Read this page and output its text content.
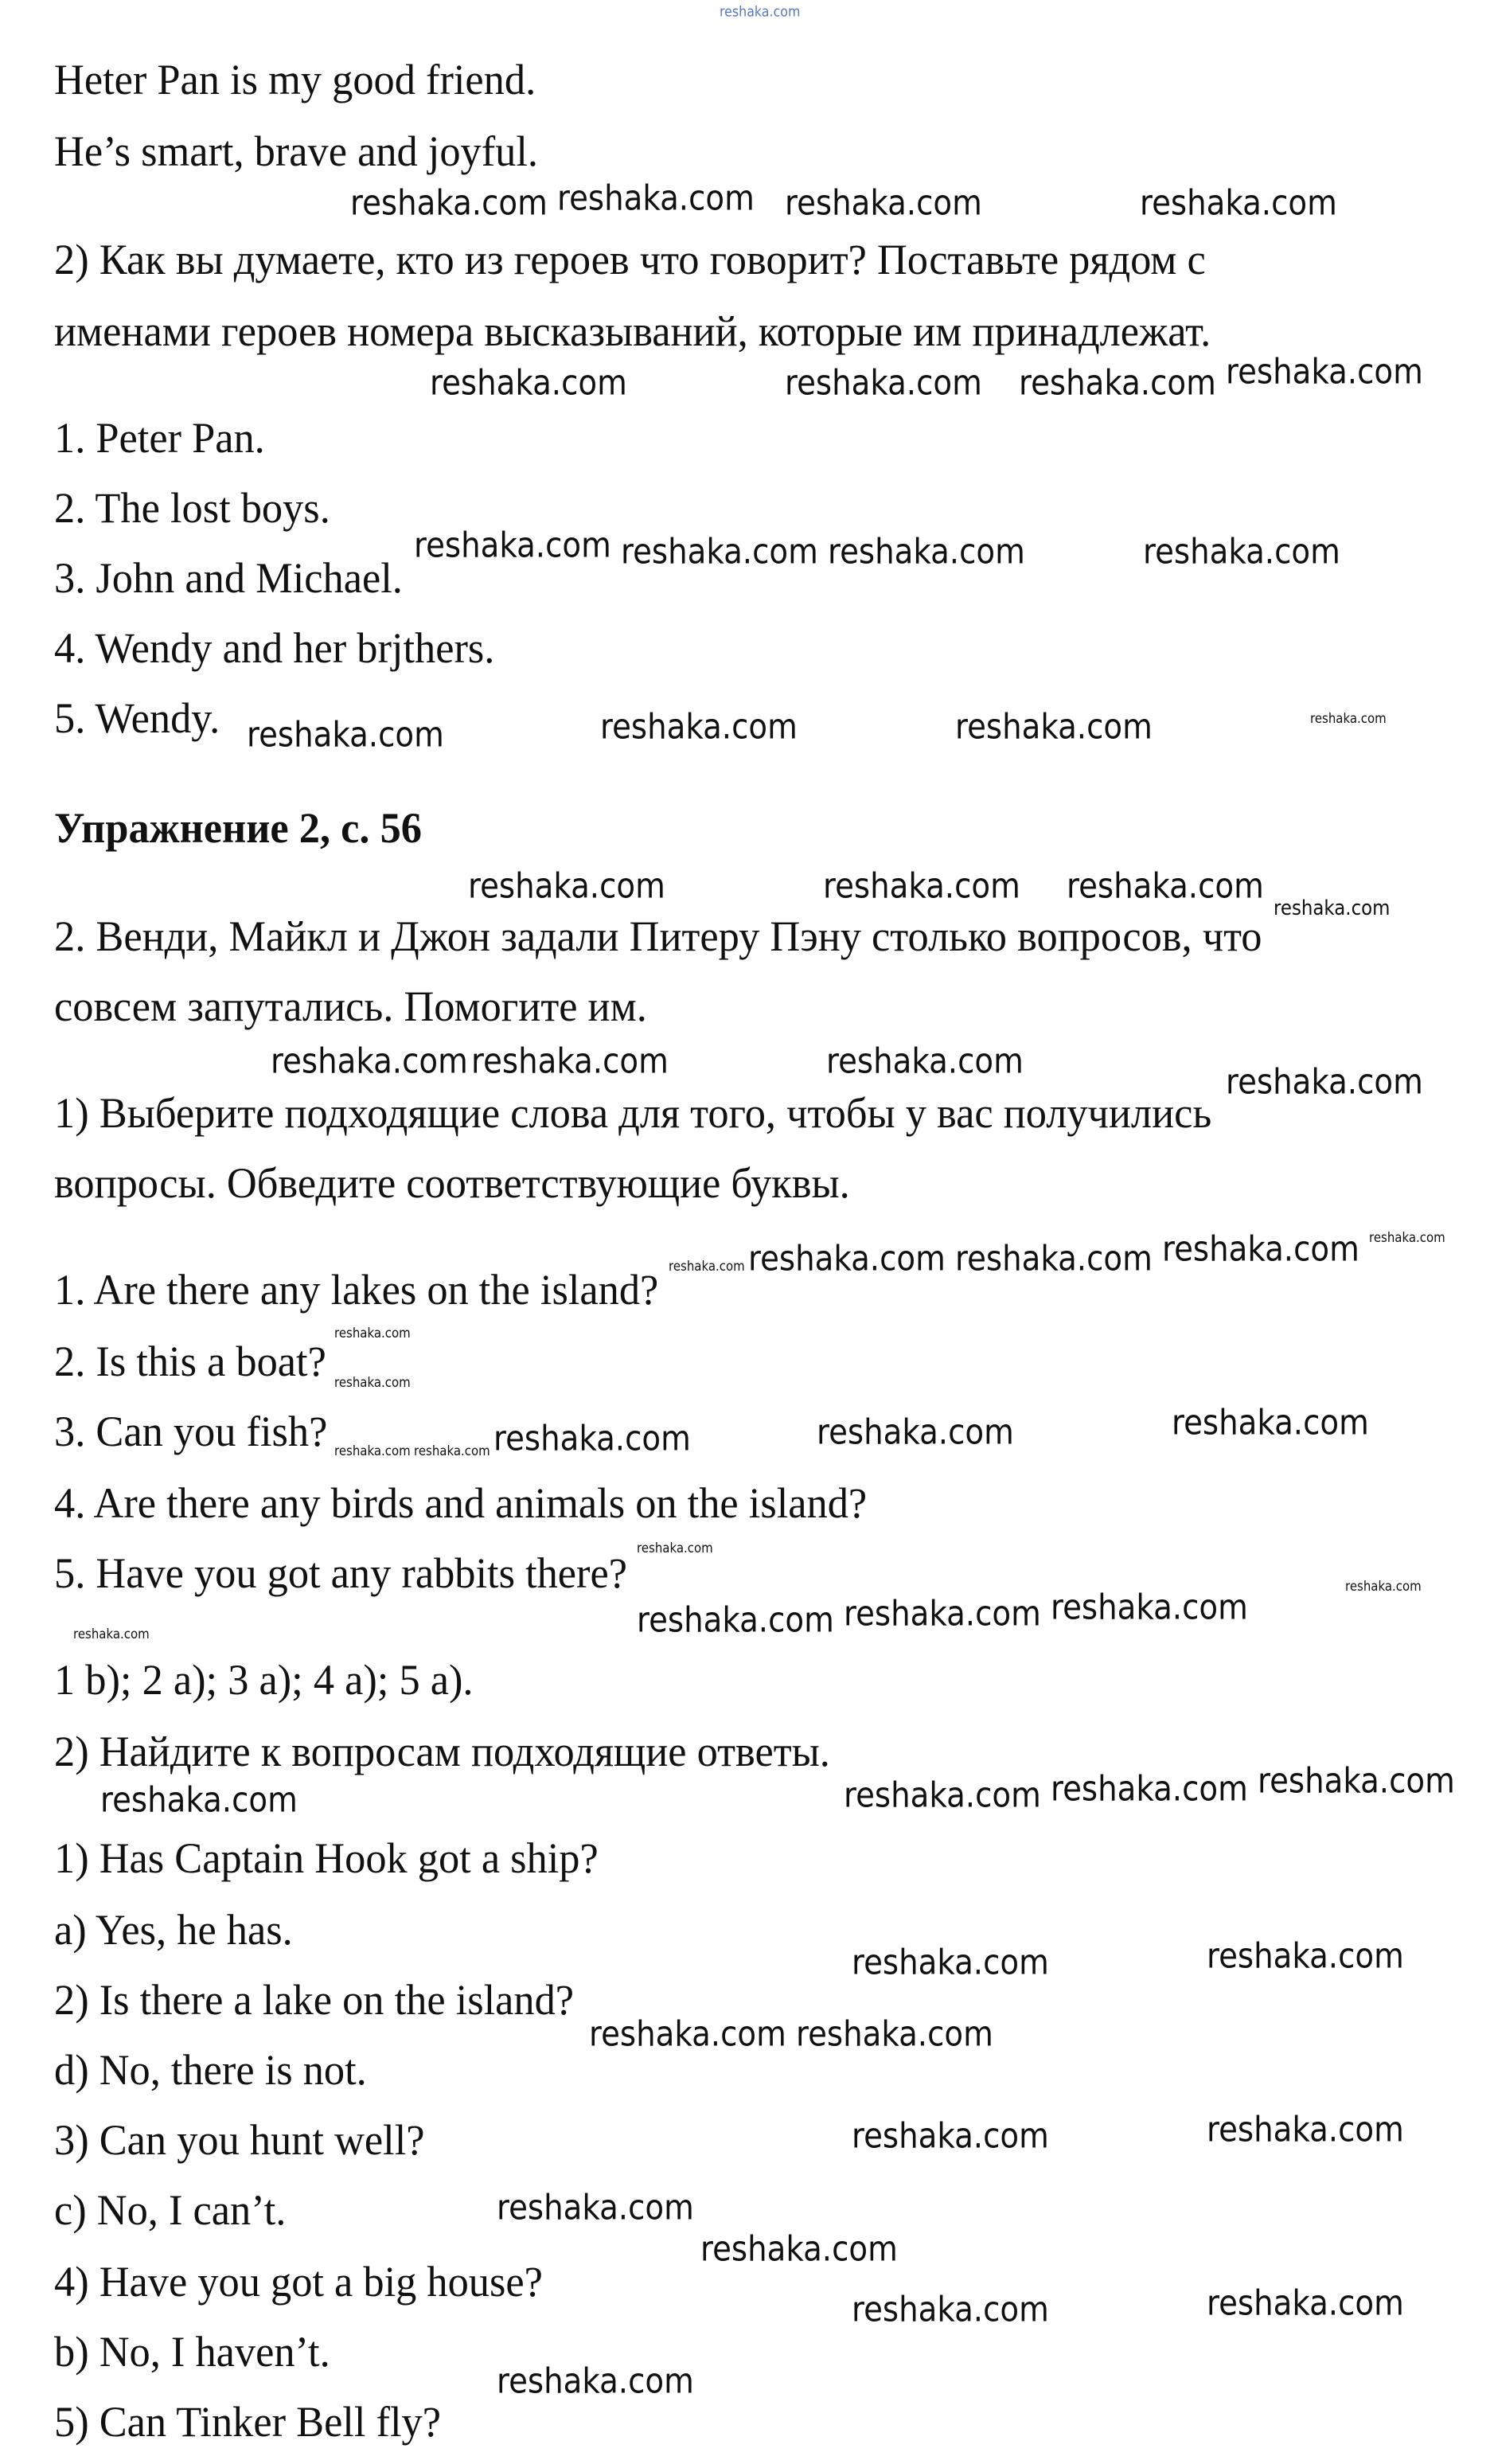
Heter Pan is my good friend.
He’s smart, brave and joyful.
2) Как вы думаете, кто из героев что говорит? Поставьте рядом с
именами героев номера высказываний, которые им принадлежат.
1. Peter Pan.
2. The lost boys.
3. John and Michael.
4. Wendy and her brjthers.
5. Wendy.
Упражнение 2, с. 56
2. Венди, Майкл и Джон задали Питеру Пэну столько вопросов, что
совсем запутались. Помогите им.
1) Выберите подходящие слова для того, чтобы у вас получились
вопросы. Обведите соответствующие буквы.
1. Are there any lakes on the island?
2. Is this a boat?
3. Can you fish?
4. Are there any birds and animals on the island?
5. Have you got any rabbits there?
1 b); 2 a); 3 a); 4 a); 5 a).
2) Найдите к вопросам подходящие ответы.
1) Has Captain Hook got a ship?
a) Yes, he has.
2) Is there a lake on the island?
d) No, there is not.
3) Can you hunt well?
c) No, I can’t.
4) Have you got a big house?
b) No, I haven’t.
5) Can Tinker Bell fly?
reshaka.com
reshaka.com
reshaka.com	reshaka.com	reshaka.com
reshaka.com
reshaka.com	reshaka.com reshaka.com
reshaka.com reshaka.com reshaka.com	reshaka.com
reshaka.com	reshaka.com	reshaka.com	reshaka.com
reshaka.com
reshaka.com	reshaka.com reshaka.com
reshaka.com
reshaka.com	reshaka.com
reshaka.com
reshaka.com reshaka.com reshaka.com reshaka.com reshaka.com
reshaka.com
reshaka.com
reshaka.com reshaka.com reshaka.com	reshaka.com	reshaka.com
reshaka.com
reshaka.com
reshaka.com	reshaka.com reshaka.com reshaka.com
reshaka.com	reshaka.com reshaka.com reshaka.com
reshaka.com	reshaka.com
reshaka.com reshaka.com
reshaka.com	reshaka.com
reshaka.com
reshaka.com
reshaka.com	reshaka.com
reshaka.com
